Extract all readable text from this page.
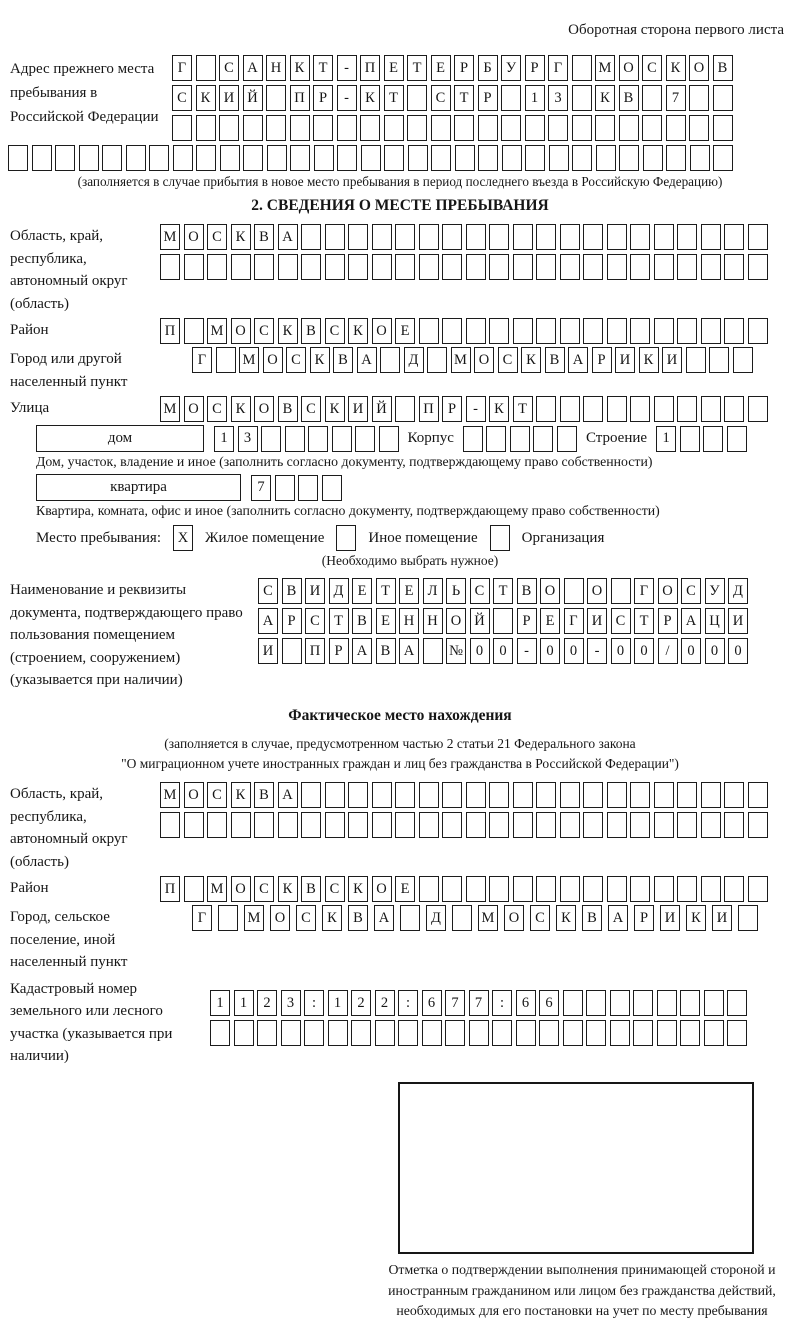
Оборотная сторона первого листа
Адрес прежнего места пребывания в Российской Федерации
Г	С А Н К Т	-	П Е	Т	Е	Р	Б У Р	Г	М О С К О В
С К И Й	П Р	-	К Т	С Т	Р	1	3	К В	7
(заполняется в случае прибытия в новое место пребывания в период последнего въезда в Российскую Федерацию)
2. СВЕДЕНИЯ О МЕСТЕ ПРЕБЫВАНИЯ
Область, край, республика, автономный округ (область)
М О С К В А
Район	П	М О С К В С К О Е
Город или другой населенный пункт
Г	М О С К В А	Д	М О С К В А Р И К И
Улица	М О С К О В С К И Й	П Р	-	К Т
дом	1	3	Корпус	Строение	1
Дом, участок, владение и иное (заполнить согласно документу, подтверждающему право собственности)
квартира	7
Квартира, комната, офис и иное (заполнить согласно документу, подтверждающему право собственности)
Место пребывания:	X	Жилое помещение	Иное помещение	Организация
(Необходимо выбрать нужное)
Наименование и реквизиты документа, подтверждающего право пользования помещением (строением, сооружением) (указывается при наличии)
С В И Д Е	Т	Е Л Ь	С Т В О	О	Г О С У Д
А Р	С Т В Е Н Н О Й	Р	Е	Г И С Т	Р А Ц И
И	П Р А В А	№ 0	0	-	0	0	-	0	0	/	0	0	0
Фактическое место нахождения
(заполняется в случае, предусмотренном частью 2 статьи 21 Федерального закона
"О миграционном учете иностранных граждан и лиц без гражданства в Российской Федерации")
Область, край, республика, автономный округ (область)
М О С К В А
Район	П	М О С К В С К О Е
Город, сельское поселение, иной населенный пункт
Г	М О	С	К	В	А	Д	М О	С	К	В	А	Р	И	К	И
Кадастровый номер земельного или лесного участка (указывается при наличии)
1	1	2	3	:	1	2	2	:	6	7	7	:	6	6
Отметка о подтверждении выполнения принимающей стороной и иностранным гражданином или лицом без гражданства действий, необходимых для его постановки на учет по месту пребывания
